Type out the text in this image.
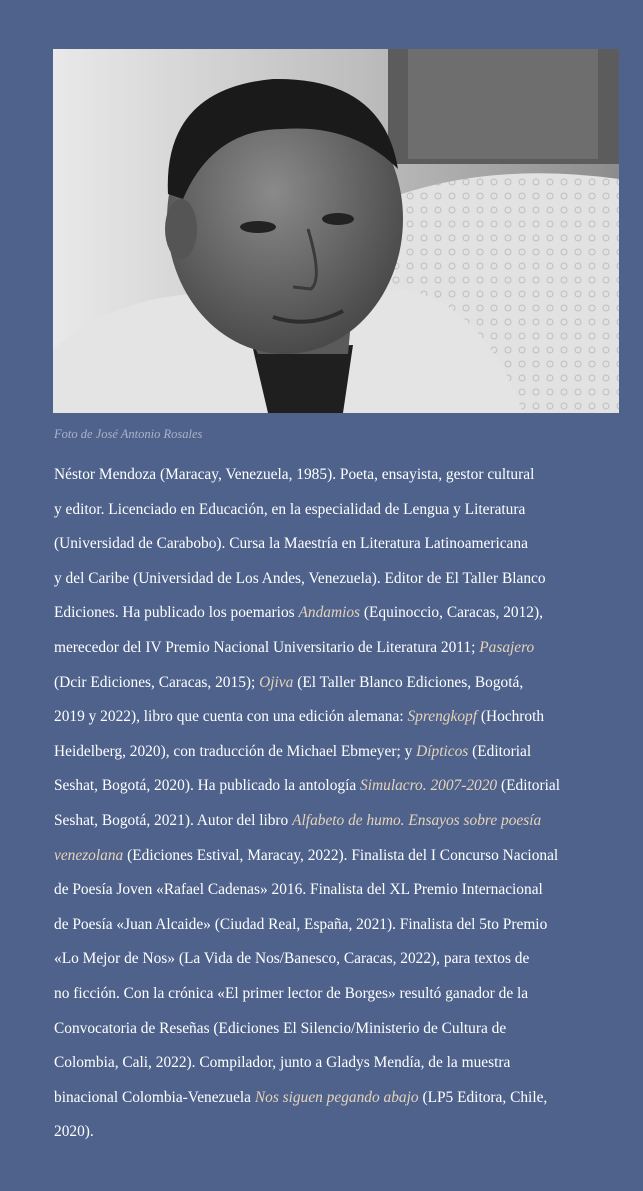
Foto de José Antonio Rosales
Néstor Mendoza (Maracay, Venezuela, 1985). Poeta, ensayista, gestor cultural
y editor. Licenciado en Educación, en la especialidad de Lengua y Literatura
(Universidad de Carabobo). Cursa la Maestría en Literatura Latinoamericana
y del Caribe (Universidad de Los Andes, Venezuela). Editor de El Taller Blanco
Ediciones. Ha publicado los poemarios Andamios (Equinoccio, Caracas, 2012),
merecedor del IV Premio Nacional Universitario de Literatura 2011; Pasajero
(Dcir Ediciones, Caracas, 2015); Ojiva (El Taller Blanco Ediciones, Bogotá,
2019 y 2022), libro que cuenta con una edición alemana: Sprengkopf (Hochroth
Heidelberg, 2020), con traducción de Michael Ebmeyer; y Dípticos (Editorial
Seshat, Bogotá, 2020). Ha publicado la antología Simulacro. 2007-2020 (Editorial
Seshat, Bogotá, 2021). Autor del libro Alfabeto de humo. Ensayos sobre poesía
venezolana (Ediciones Estival, Maracay, 2022). Finalista del I Concurso Nacional
de Poesía Joven «Rafael Cadenas» 2016. Finalista del XL Premio Internacional
de Poesía «Juan Alcaide» (Ciudad Real, España, 2021). Finalista del 5to Premio
«Lo Mejor de Nos» (La Vida de Nos/Banesco, Caracas, 2022), para textos de
no ficción. Con la crónica «El primer lector de Borges» resultó ganador de la
Convocatoria de Reseñas (Ediciones El Silencio/Ministerio de Cultura de
Colombia, Cali, 2022). Compilador, junto a Gladys Mendía, de la muestra
binacional Colombia-Venezuela Nos siguen pegando abajo (LP5 Editora, Chile,
2020).
